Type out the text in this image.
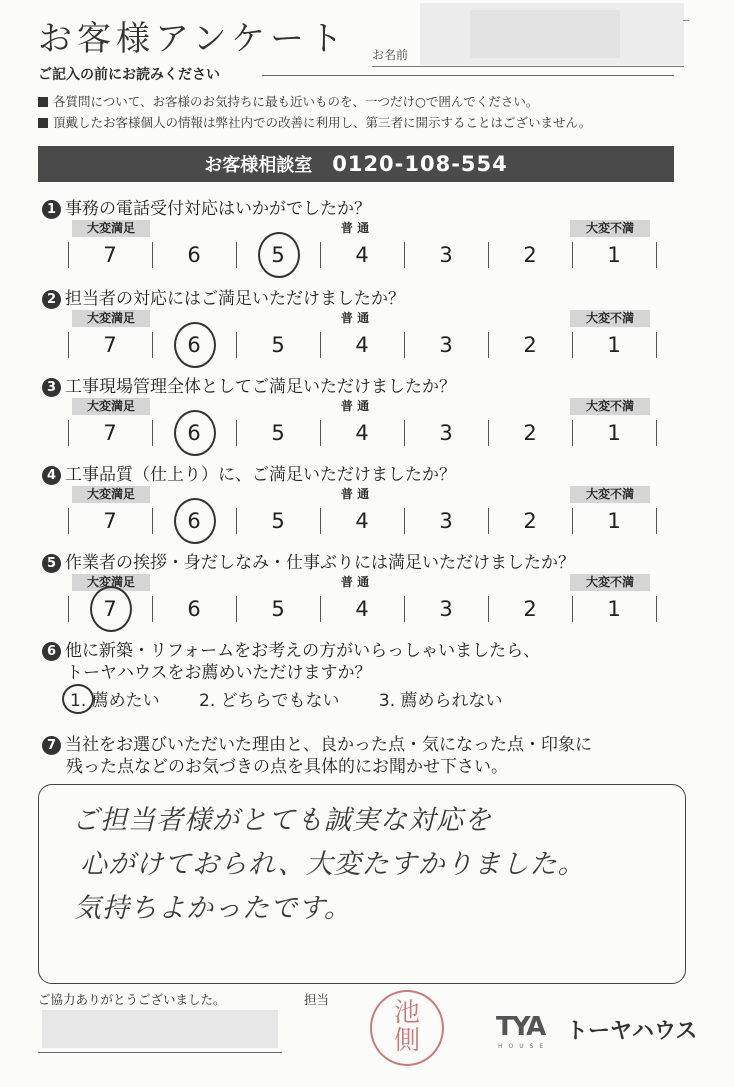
お客様アンケート お名前
ご記入の前にお読みください
各質問について、お客様のお気持ちに最も近いものを、一つだけ○で囲んでください。
頂戴したお客様個人の情報は弊社内での改善に利用し、第三者に開示することはございません。
お客様相談室 0120-108-554
1 事務の電話受付対応はいかがでしたか？
大変満足	大変不満
普 通
7	6	5	4	3	2	1
2 担当者の対応にはご満足いただけましたか？
大変満足	大変不満
普 通
7	6	5	4	3	2	1
3 工事現場管理全体としてご満足いただけましたか？
大変満足	大変不満
普 通
7	6	5	4	3	2	1
4 工事品質（仕上り）に、ご満足いただけましたか？
大変満足	大変不満
普 通
7	6	5	4	3	2	1
5 作業者の挨拶・身だしなみ・仕事ぶりには満足いただけましたか？
大変満足	大変不満
普 通
7	6	5	4	3	2	1
6 他に新築・リフォームをお考えの方がいらっしゃいましたら、
トーヤハウスをお薦めいただけますか？
1. 薦めたい 2. どちらでもない 3. 薦められない
7 当社をお選びいただいた理由と、良かった点・気になった点・印象に
残った点などのお気づきの点を具体的にお聞かせ下さい。
ご担当者様がとても誠実な対応を
心がけておられ、大変たすかりました。
気持ちよかったです。
ご協力ありがとうございました。	担当	池
側	TYA
HOUSE
トーヤハウス
